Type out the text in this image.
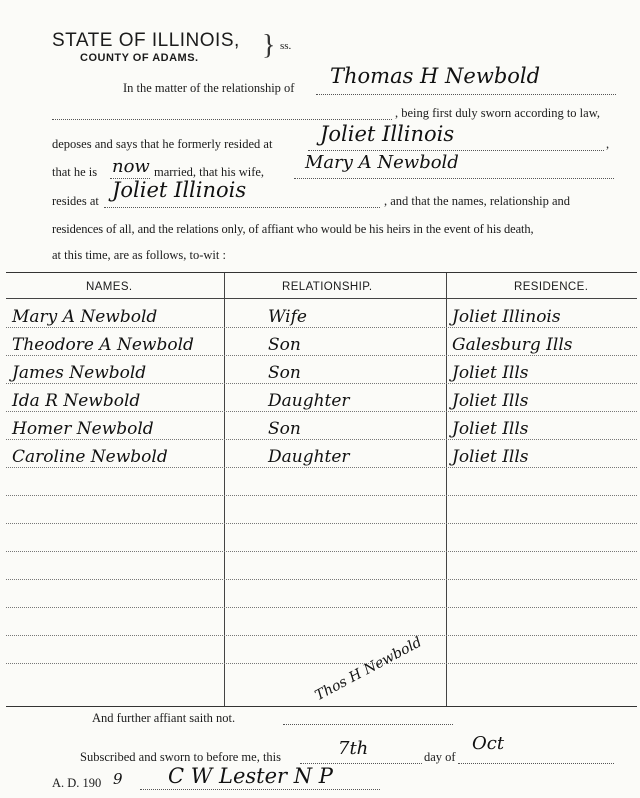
STATE OF ILLINOIS,
COUNTY OF ADAMS. } ss.
In the matter of the relationship of Thomas H Newbold
, being first duly sworn according to law,
deposes and says that he formerly resided at Joliet Illinois	,
that he is now married, that his wife, Mary A Newbold
resides at Joliet Illinois	, and that the names, relationship and
residences of all, and the relations only, of affiant who would be his heirs in the event of his death,
at this time, are as follows, to-wit :
NAMES.	RELATIONSHIP.	RESIDENCE.
Mary A Newbold	Wife	Joliet Illinois
Theodore A Newbold	Son	Galesburg Ills
James Newbold	Son	Joliet Ills
Ida R Newbold	Daughter	Joliet Ills
Homer Newbold	Son	Joliet Ills
Caroline Newbold	Daughter	Joliet Ills
And further affiant saith not.
Thos H Newbold
Subscribed and sworn to before me, this	7th	day of
Oct
A. D. 190 9 C W Lester N P
